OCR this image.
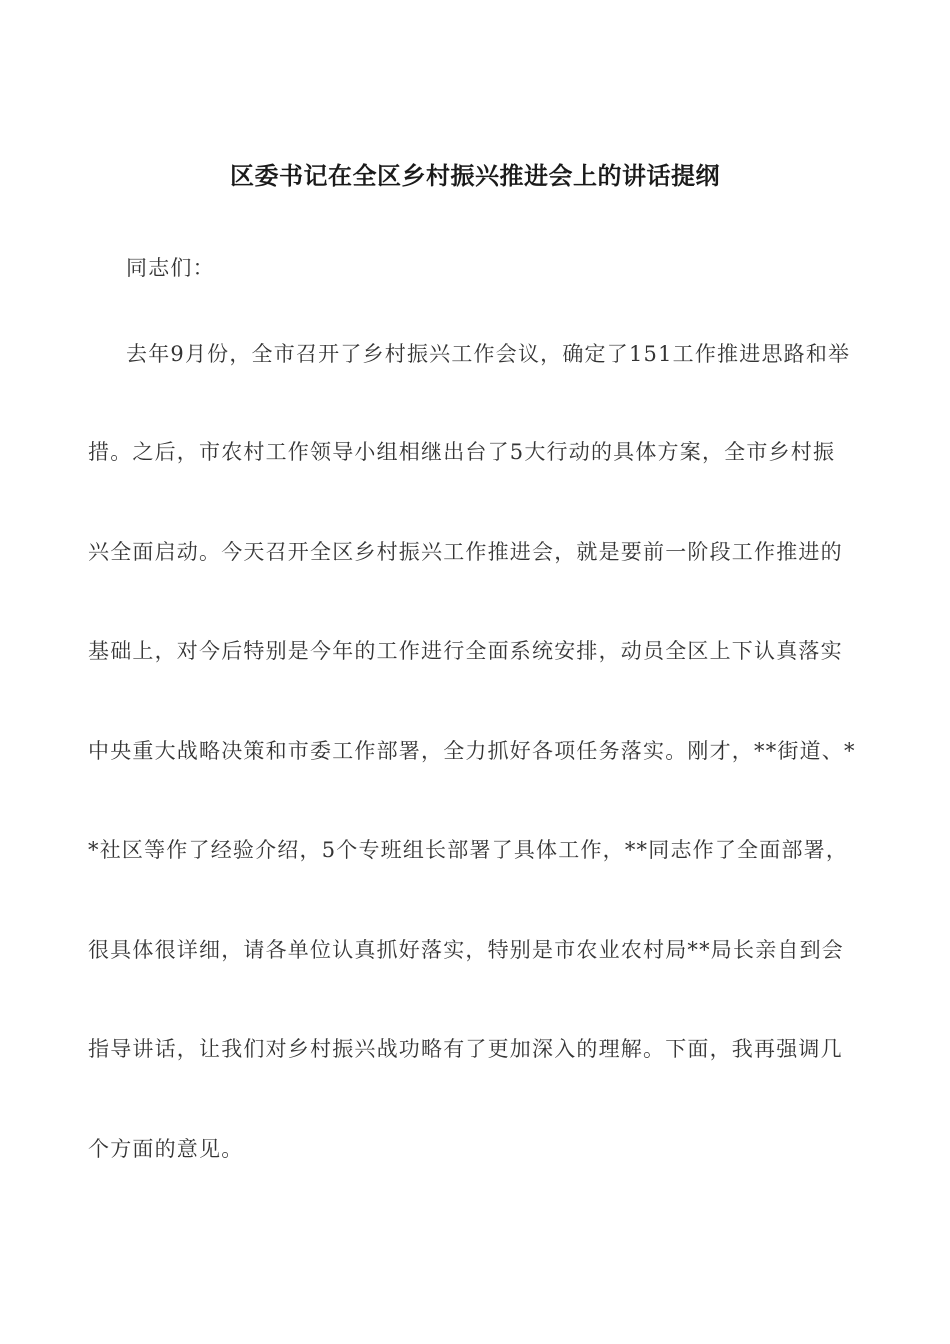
区委书记在全区乡村振兴推进会上的讲话提纲

同志们：

去年9月份，全市召开了乡村振兴工作会议，确定了151工作推进思路和举

措。之后，市农村工作领导小组相继出台了5大行动的具体方案，全市乡村振

兴全面启动。今天召开全区乡村振兴工作推进会，就是要前一阶段工作推进的

基础上，对今后特别是今年的工作进行全面系统安排，动员全区上下认真落实

中央重大战略决策和市委工作部署，全力抓好各项任务落实。刚才，**街道、*

*社区等作了经验介绍，5个专班组长部署了具体工作，**同志作了全面部署，

很具体很详细，请各单位认真抓好落实，特别是市农业农村局**局长亲自到会

指导讲话，让我们对乡村振兴战功略有了更加深入的理解。下面，我再强调几

个方面的意见。
